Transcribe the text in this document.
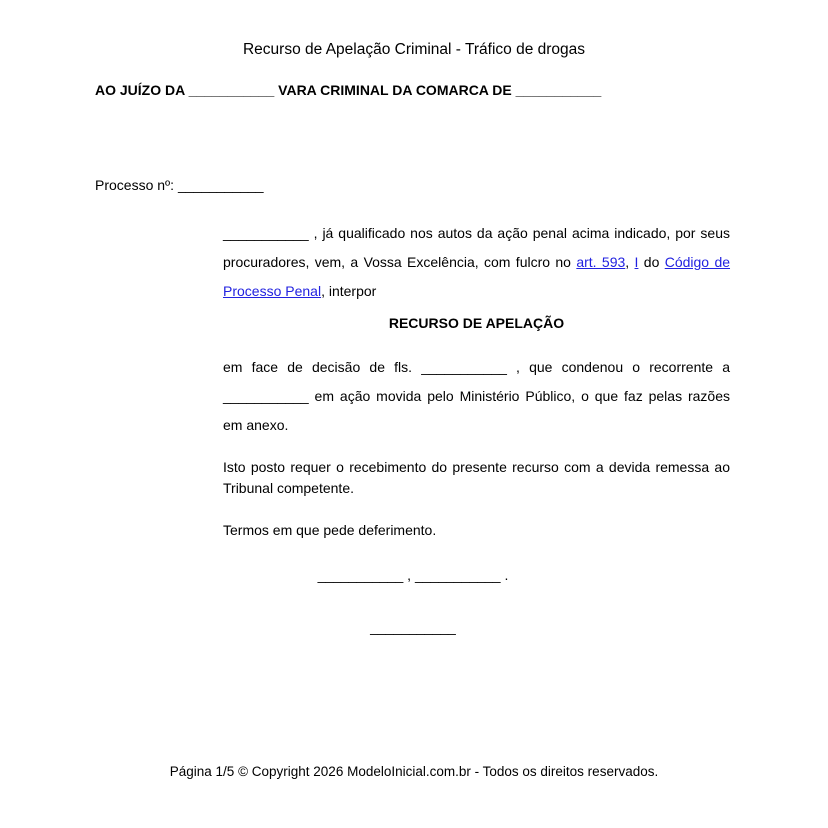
Recurso de Apelação Criminal - Tráfico de drogas
AO JUÍZO DA ___________ VARA CRIMINAL DA COMARCA DE ___________
Processo nº: ___________

___________ , já qualificado nos autos da ação penal acima indicado, por seus procuradores, vem, a Vossa Excelência, com fulcro no art. 593, I do Código de Processo Penal, interpor

RECURSO DE APELAÇÃO

em face de decisão de fls. ___________ , que condenou o recorrente a ___________ em ação movida pelo Ministério Público, o que faz pelas razões em anexo.

Isto posto requer o recebimento do presente recurso com a devida remessa ao Tribunal competente.

Termos em que pede deferimento.

___________ , ___________ .
___________
Página 1/5 © Copyright 2026 ModeloInicial.com.br - Todos os direitos reservados.
